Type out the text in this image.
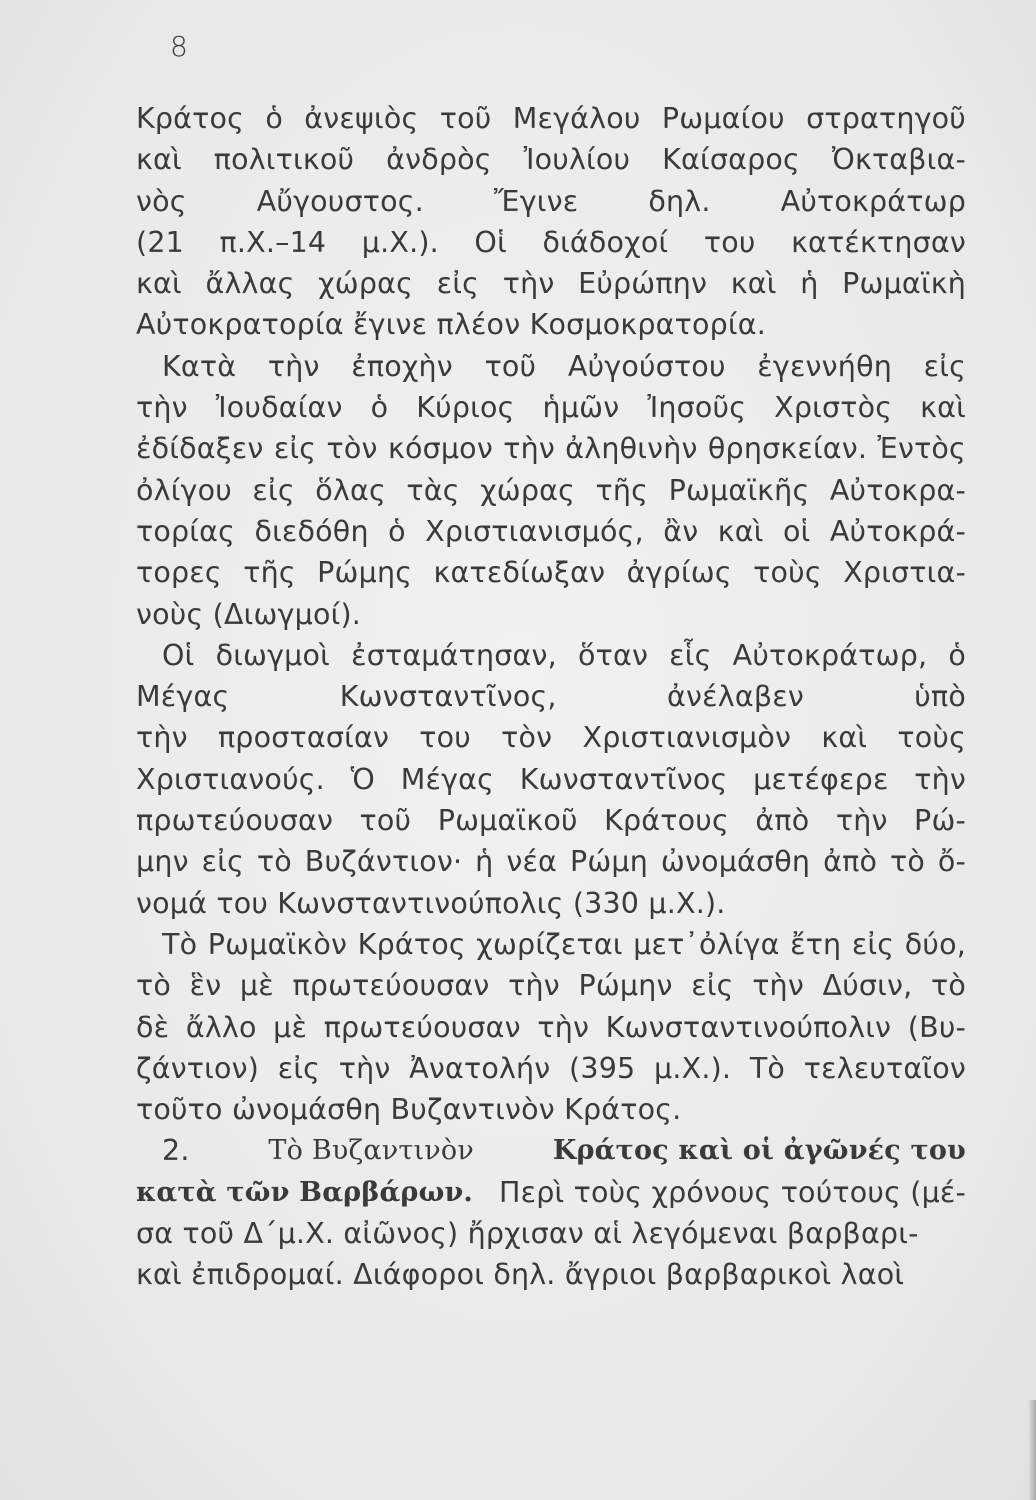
8
Κράτος ὁ ἀνεψιὸς τοῦ Μεγάλου Ρωμαίου στρατηγοῦ
καὶ πολιτικοῦ ἀνδρὸς Ἰουλίου Καίσαρος Ὀκταβια-
νὸς Αὔγουστος. Ἔγινε δηλ. Αὐτοκράτωρ
(21 π.Χ.–14 μ.Χ.). Οἱ διάδοχοί του κατέκτησαν
καὶ ἄλλας χώρας εἰς τὴν Εὐρώπην καὶ ἡ Ρωμαϊκὴ
Αὐτοκρατορία ἔγινε πλέον Κοσμοκρατορία.
Κατὰ τὴν ἐποχὴν τοῦ Αὐγούστου ἐγεννήθη εἰς
τὴν Ἰουδαίαν ὁ Κύριος ἡμῶν Ἰησοῦς Χριστὸς καὶ
ἐδίδαξεν εἰς τὸν κόσμον τὴν ἀληθινὴν θρησκείαν. Ἐντὸς
ὀλίγου εἰς ὅλας τὰς χώρας τῆς Ρωμαϊκῆς Αὐτοκρα-
τορίας διεδόθη ὁ Χριστιανισμός, ἂν καὶ οἱ Αὐτοκρά-
τορες τῆς Ρώμης κατεδίωξαν ἀγρίως τοὺς Χριστια-
νοὺς (Διωγμοί).
Οἱ διωγμοὶ ἐσταμάτησαν, ὅταν εἷς Αὐτοκράτωρ, ὁ
Μέγας Κωνσταντῖνος, ἀνέλαβεν ὑπὸ
τὴν προστασίαν του τὸν Χριστιανισμὸν καὶ τοὺς
Χριστιανούς. Ὁ Μέγας Κωνσταντῖνος μετέφερε τὴν
πρωτεύουσαν τοῦ Ρωμαϊκοῦ Κράτους ἀπὸ τὴν Ρώ-
μην εἰς τὸ Βυζάντιον· ἡ νέα Ρώμη ὠνομάσθη ἀπὸ τὸ ὄ-
νομά του Κωνσταντινούπολις (330 μ.Χ.).
Τὸ Ρωμαϊκὸν Κράτος χωρίζεται μετ᾽ὀλίγα ἔτη εἰς δύο,
τὸ ἓν μὲ πρωτεύουσαν τὴν Ρώμην εἰς τὴν Δύσιν, τὸ
δὲ ἄλλο μὲ πρωτεύουσαν τὴν Κωνσταντινούπολιν (Βυ-
ζάντιον) εἰς τὴν Ἀνατολήν (395 μ.Χ.). Τὸ τελευταῖον
τοῦτο ὠνομάσθη Βυζαντινὸν Κράτος.
2.	Τὸ Βυζαντινὸν	Κράτος καὶ οἱ ἀγῶνές του
κατὰ τῶν Βαρβάρων. Περὶ τοὺς χρόνους τούτους (μέ-
σα τοῦ Δ´μ.Χ. αἰῶνος) ἤρχισαν αἱ λεγόμεναι βαρβαρι-
καὶ ἐπιδρομαί. Διάφοροι δηλ. ἄγριοι βαρβαρικοὶ λαοὶ
